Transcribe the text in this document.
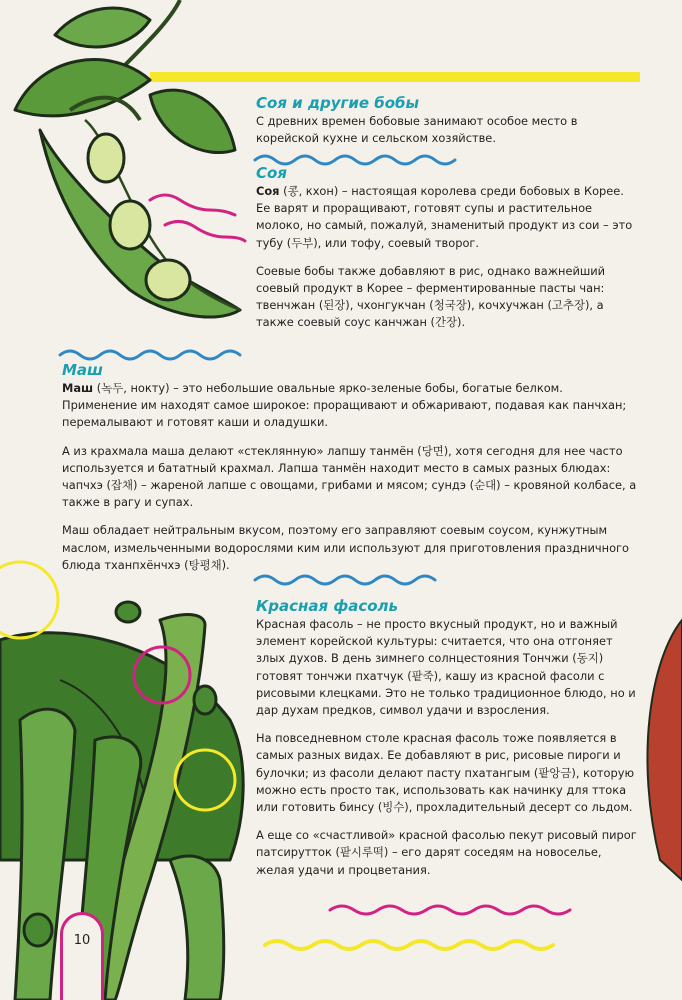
Соя и другие бобы

С древних времен бобовые занимают особое место в корейской кухне и сельском хозяйстве.

Соя

Соя (콩, кхон) – настоящая королева среди бобовых в Корее. Ее варят и проращивают, готовят супы и растительное молоко, но самый, пожалуй, знаменитый продукт из сои – это тубу (두부), или тофу, соевый творог.

Соевые бобы также добавляют в рис, однако важнейший соевый продукт в Корее – ферментированные пасты чан: твенчжан (된장), чхонгукчан (청국장), кочхучжан (고추장), а также соевый соус канчжан (간장).

Маш

Маш (녹두, нокту) – это небольшие овальные ярко-зеленые бобы, богатые белком. Применение им находят самое широкое: проращивают и обжаривают, подавая как панчхан; перемалывают и готовят каши и оладушки.

А из крахмала маша делают «стеклянную» лапшу танмён (당면), хотя сегодня для нее часто используется и бататный крахмал. Лапша танмён находит место в самых разных блюдах: чапчхэ (잡채) – жареной лапше с овощами, грибами и мясом; сундэ (순대) – кровяной колбасе, а также в рагу и супах.

Маш обладает нейтральным вкусом, поэтому его заправляют соевым соусом, кунжутным маслом, измельченными водорослями ким или используют для приготовления праздничного блюда тханпхёнчхэ (탕평채).

Красная фасоль

Красная фасоль – не просто вкусный продукт, но и важный элемент корейской культуры: считается, что она отгоняет злых духов. В день зимнего солнцестояния Тончжи (동지) готовят тончжи пхатчук (팥죽), кашу из красной фасоли с рисовыми клецками. Это не только традиционное блюдо, но и дар духам предков, символ удачи и взросления.

На повседневном столе красная фасоль тоже появляется в самых разных видах. Ее добавляют в рис, рисовые пироги и булочки; из фасоли делают пасту пхатангым (팥앙금), которую можно есть просто так, использовать как начинку для ттока или готовить бинсу (빙수), прохладительный десерт со льдом.

А еще со «счастливой» красной фасолью пекут рисовый пирог патсирутток (팥시루떡) – его дарят соседям на новоселье, желая удачи и процветания.

10
